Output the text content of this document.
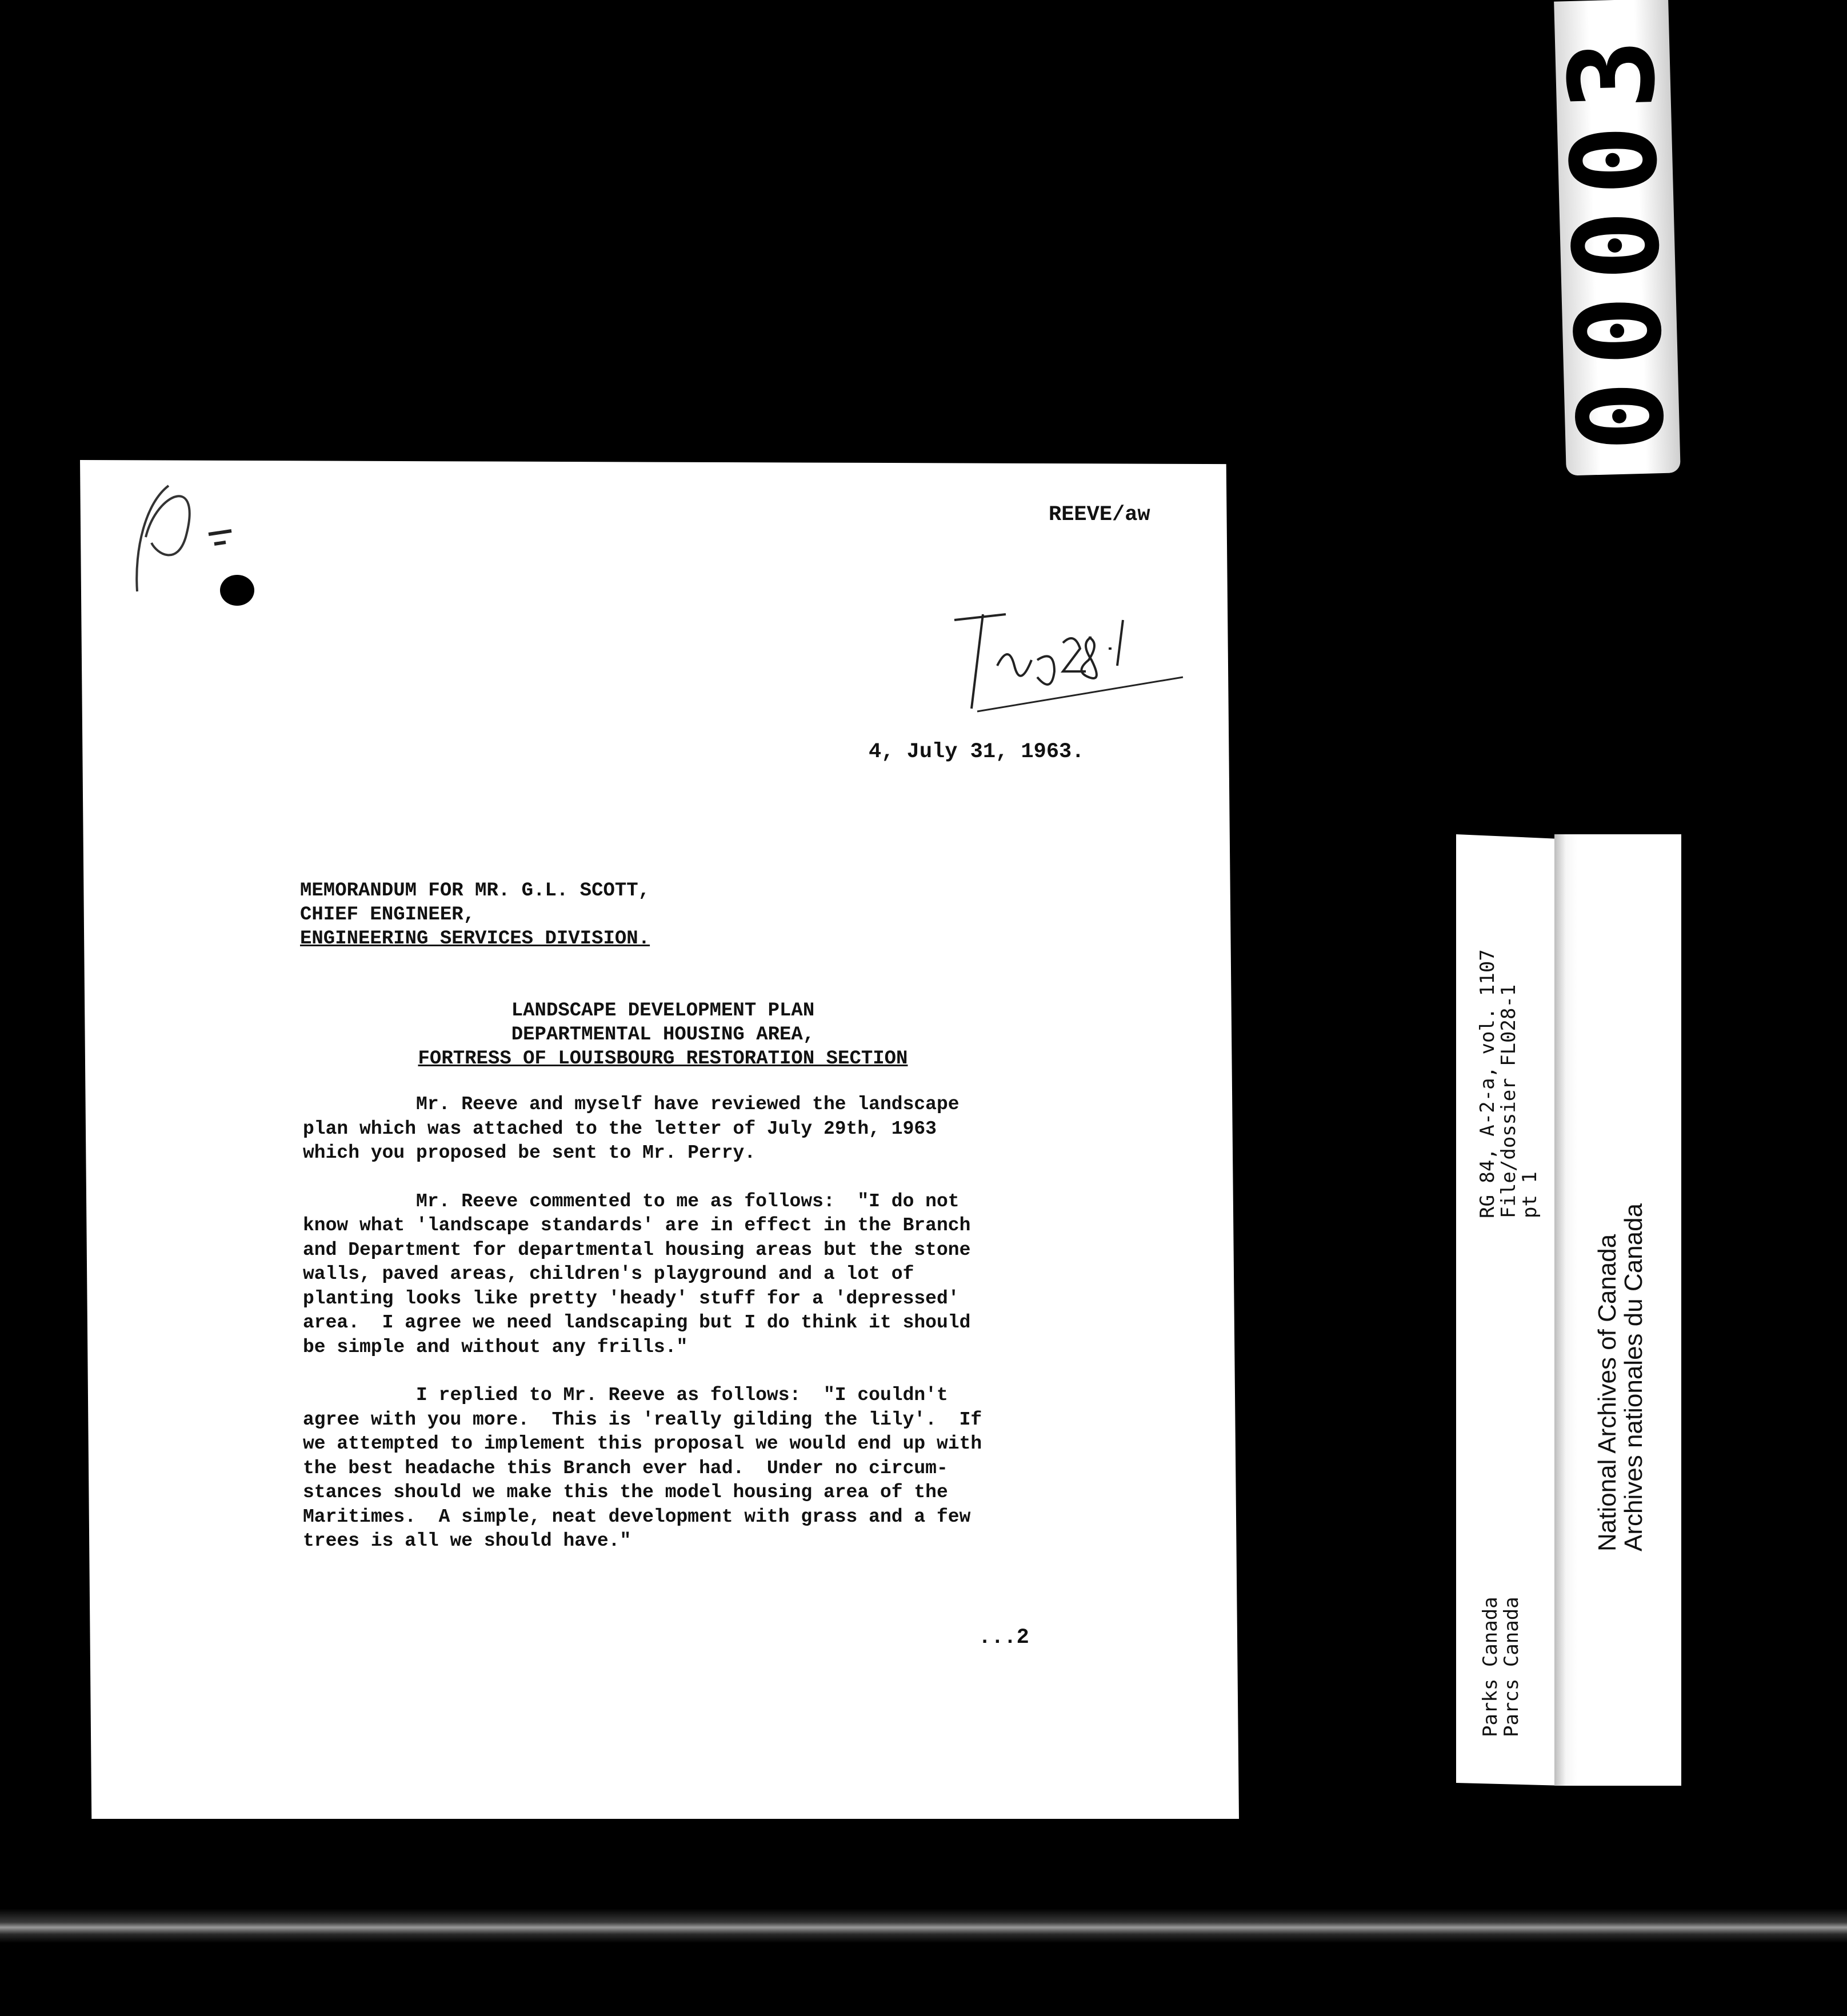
00003
REEVE/aw
4, July 31, 1963.
MEMORANDUM FOR MR. G.L. SCOTT,
CHIEF ENGINEER,
ENGINEERING SERVICES DIVISION.
LANDSCAPE DEVELOPMENT PLAN
DEPARTMENTAL HOUSING AREA,
FORTRESS OF LOUISBOURG RESTORATION SECTION

Mr. Reeve and myself have reviewed the landscape
plan which was attached to the letter of July 29th, 1963
which you proposed be sent to Mr. Perry.

Mr. Reeve commented to me as follows:  "I do not
know what 'landscape standards' are in effect in the Branch
and Department for departmental housing areas but the stone
walls, paved areas, children's playground and a lot of
planting looks like pretty 'heady' stuff for a 'depressed'
area.  I agree we need landscaping but I do think it should
be simple and without any frills."

I replied to Mr. Reeve as follows:  "I couldn't
agree with you more.  This is 'really gilding the lily'.  If
we attempted to implement this proposal we would end up with
the best headache this Branch ever had.  Under no circum-
stances should we make this the model housing area of the
Maritimes.  A simple, neat development with grass and a few
trees is all we should have."

...2
RG 84, A-2-a, vol. 1107
File/dossier FL028-1
pt 1
Parks Canada
Parcs Canada
National Archives of Canada
Archives nationales du Canada
